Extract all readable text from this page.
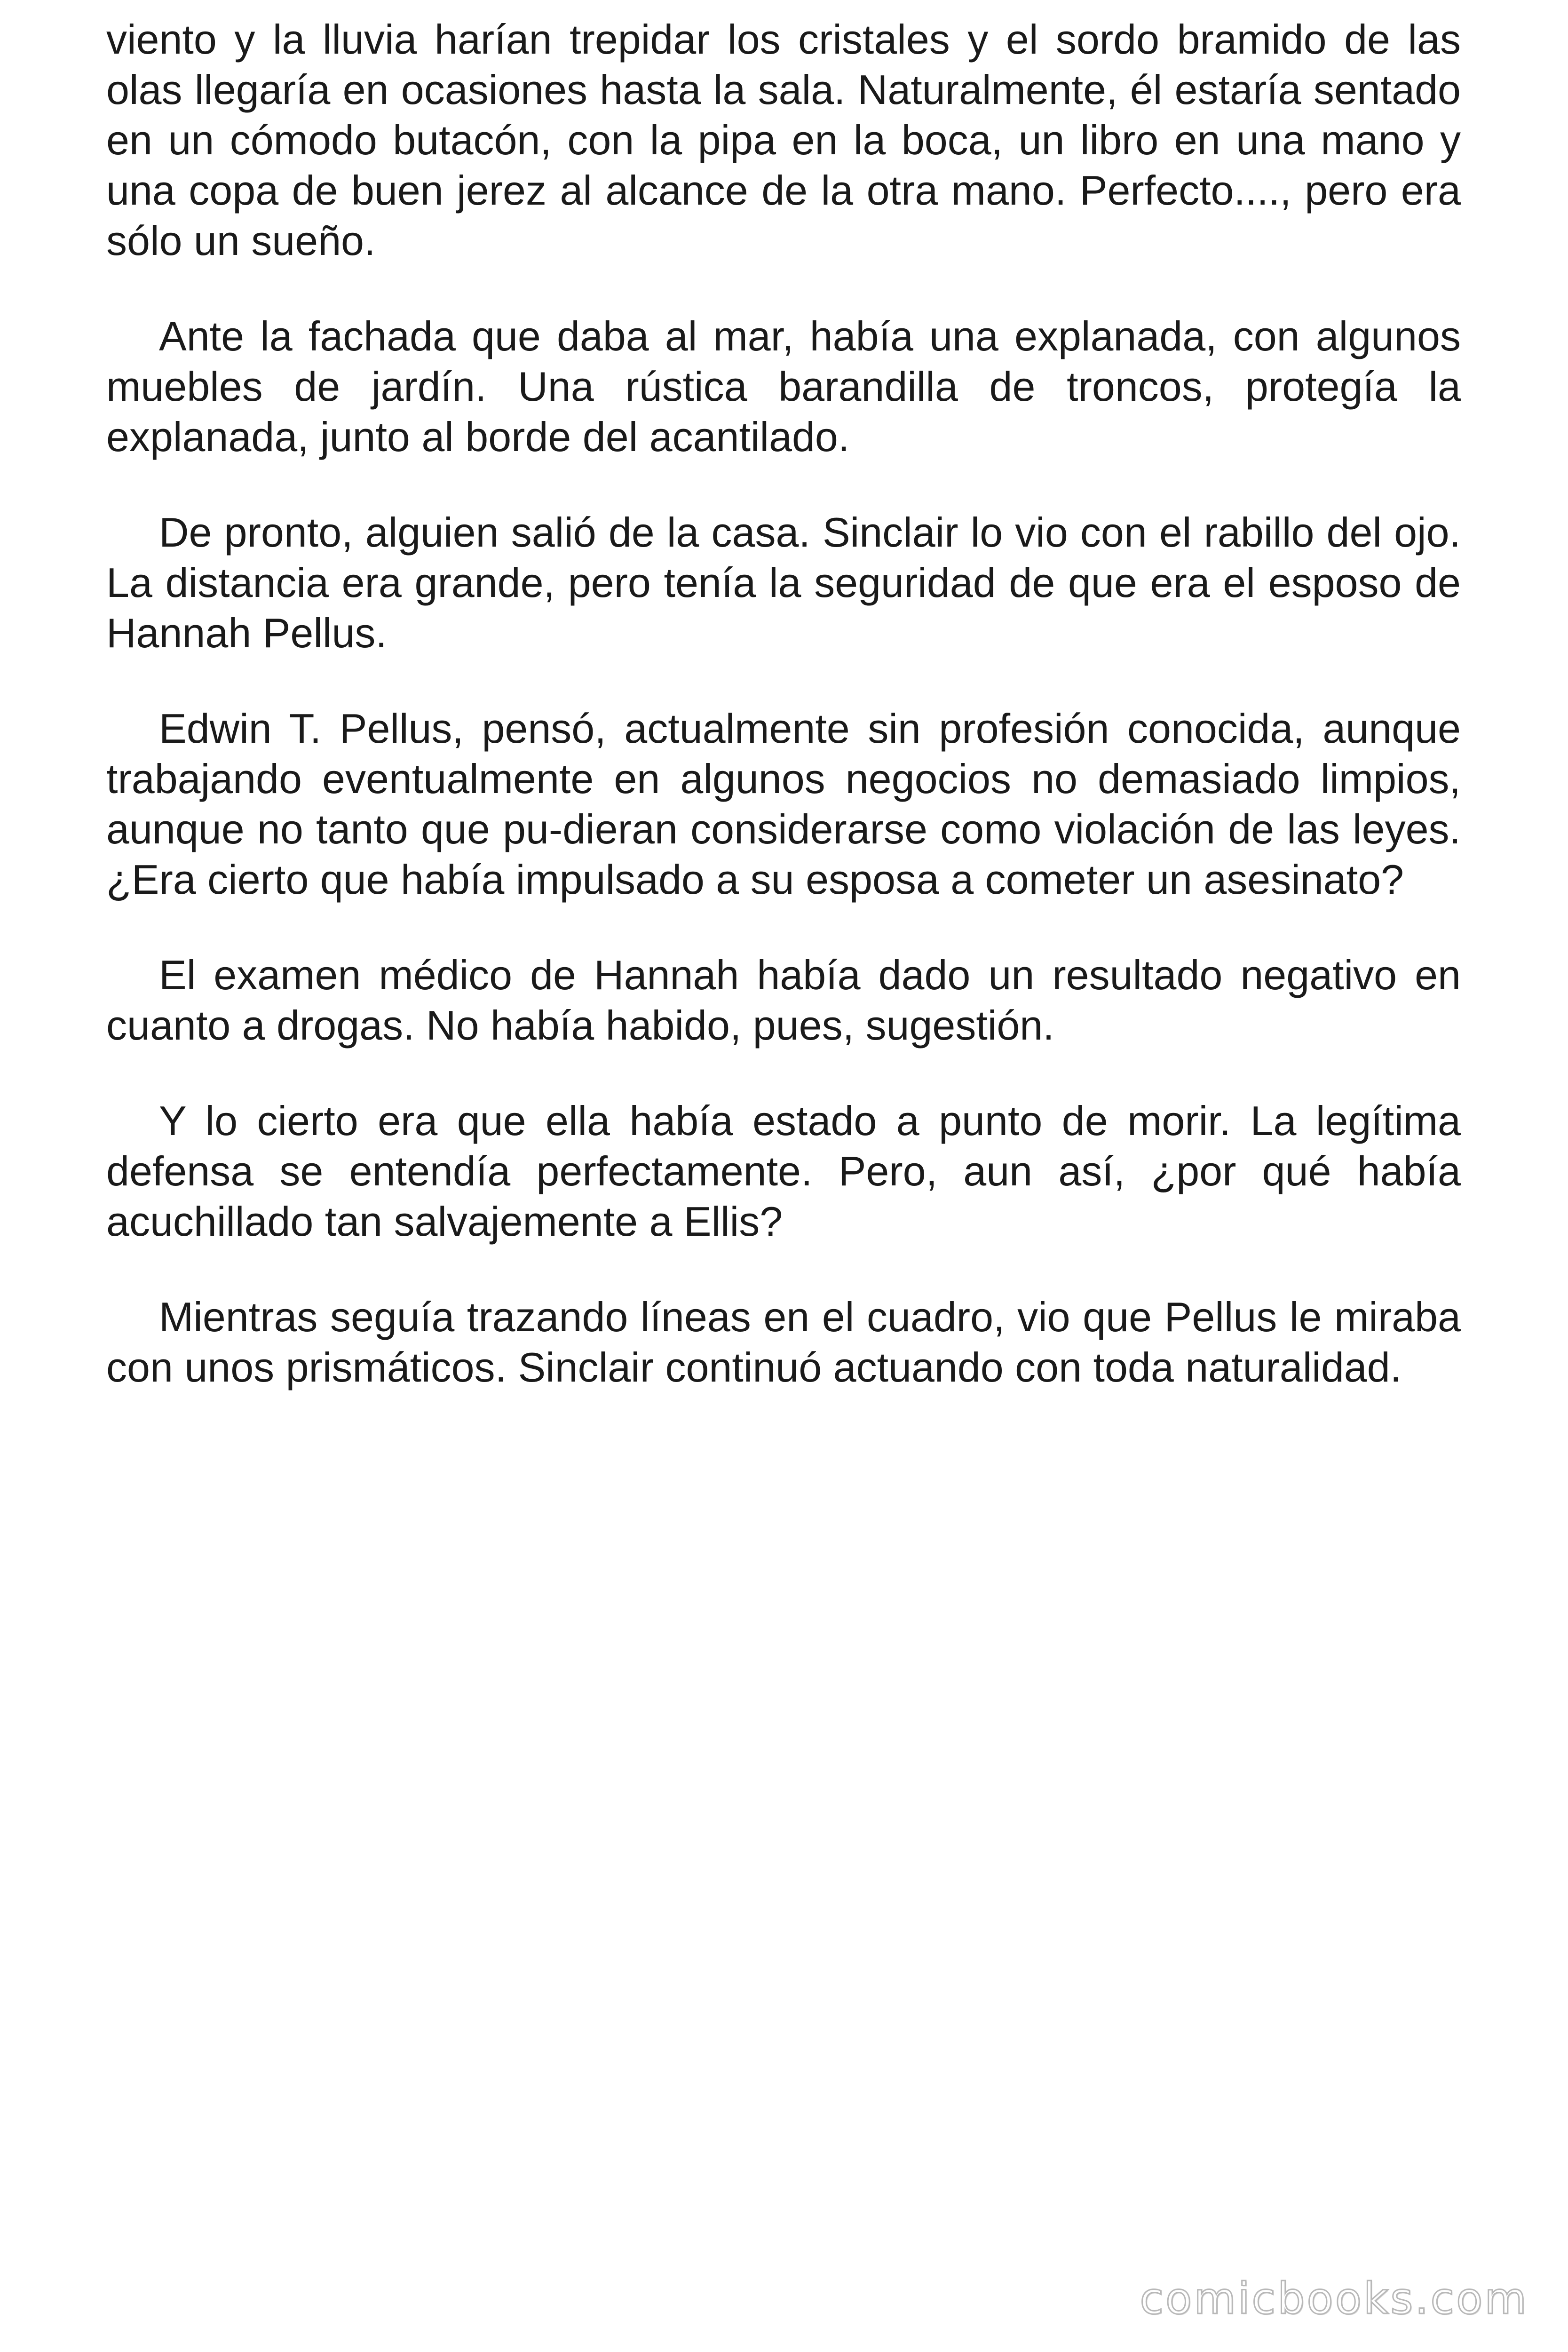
viento y la lluvia harían trepidar los cristales y el sordo bramido de las olas llegaría en ocasiones hasta la sala. Naturalmente, él estaría sentado en un cómodo butacón, con la pipa en la boca, un libro en una mano y una copa de buen jerez al alcance de la otra mano. Perfecto...., pero era sólo un sueño.

Ante la fachada que daba al mar, había una explanada, con algunos muebles de jardín. Una rústica barandilla de troncos, protegía la explanada, junto al borde del acantilado.

De pronto, alguien salió de la casa. Sinclair lo vio con el rabillo del ojo. La distancia era grande, pero tenía la seguridad de que era el esposo de Hannah Pellus.

Edwin T. Pellus, pensó, actualmente sin profesión conocida, aunque trabajando eventualmente en algunos negocios no demasiado limpios, aunque no tanto que pu-dieran considerarse como violación de las leyes. ¿Era cierto que había impulsado a su esposa a cometer un asesinato?

El examen médico de Hannah había dado un resultado negativo en cuanto a drogas. No había habido, pues, sugestión.

Y lo cierto era que ella había estado a punto de morir. La legítima defensa se entendía perfectamente. Pero, aun así, ¿por qué había acuchillado tan salvajemente a Ellis?

Mientras seguía trazando líneas en el cuadro, vio que Pellus le miraba con unos prismáticos. Sinclair continuó actuando con toda naturalidad.

comicbooks.com
